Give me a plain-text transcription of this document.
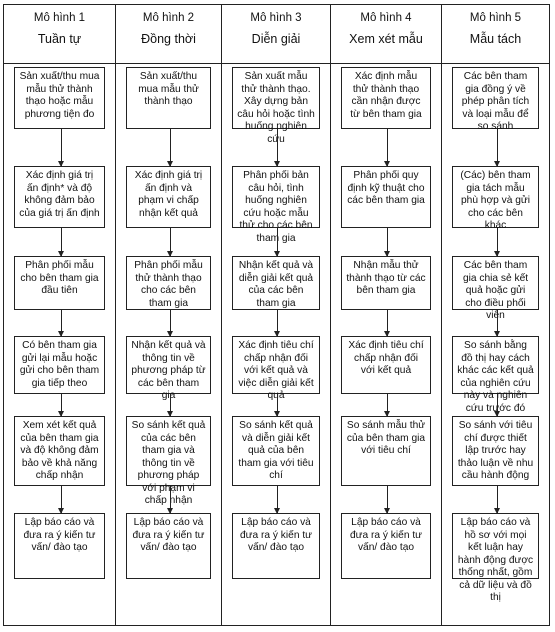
Mô hình 1
Tuần tự
Sản xuất/thu mua mẫu thử thành thạo hoặc mẫu phương tiện đo
Xác định giá trị ấn định* và độ không đảm bảo của giá trị ấn định
Phân phối mẫu cho bên tham gia đầu tiên
Có bên tham gia gửi lại mẫu hoặc gửi cho bên tham gia tiếp theo
Xem xét kết quả của bên tham gia và độ không đảm bảo về khả năng chấp nhận
Lập báo cáo và đưa ra ý kiến tư vấn/ đào tạo
Mô hình 2
Đồng thời
Sản xuất/thu mua mẫu thử thành thạo
Xác định giá trị ấn định và phạm vi chấp nhận kết quả
Phân phối mẫu thử thành thạo cho các bên tham gia
Nhận kết quả và thông tin về phương pháp từ các bên tham gia
So sánh kết quả của các bên tham gia và thông tin về phương pháp với phạm vi chấp nhận
Lập báo cáo và đưa ra ý kiến tư vấn/ đào tạo
Mô hình 3
Diễn giải
Sản xuất mẫu thử thành thạo. Xây dựng bản câu hỏi hoặc tình huống nghiên cứu
Phân phối bản câu hỏi, tình huống nghiên cứu hoặc mẫu thử cho các bên tham gia
Nhận kết quả và diễn giải kết quả của các bên tham gia
Xác định tiêu chí chấp nhận đối với kết quả và việc diễn giải kết quả
So sánh kết quả và diễn giải kết quả của bên tham gia với tiêu chí
Lập báo cáo và đưa ra ý kiến tư vấn/ đào tạo
Mô hình 4
Xem xét mẫu
Xác định mẫu thử thành thạo cần nhận được từ bên tham gia
Phân phối quy định kỹ thuật cho các bên tham gia
Nhận mẫu thử thành thạo từ các bên tham gia
Xác định tiêu chí chấp nhận đối với kết quả
So sánh mẫu thử của bên tham gia với tiêu chí
Lập báo cáo và đưa ra ý kiến tư vấn/ đào tạo
Mô hình 5
Mẫu tách
Các bên tham gia đồng ý về phép phân tích và loại mẫu để so sánh
(Các) bên tham gia tách mẫu phù hợp và gửi cho các bên khác
Các bên tham gia chia sẻ kết quả hoặc gửi cho điều phối viên
So sánh bằng đồ thị hay cách khác các kết quả của nghiên cứu này và nghiên cứu trước đó
So sánh với tiêu chí được thiết lập trước hay thảo luận về nhu cầu hành động
Lập báo cáo và hồ sơ với mọi kết luận hay hành động được thống nhất, gồm cả dữ liệu và đồ thị
